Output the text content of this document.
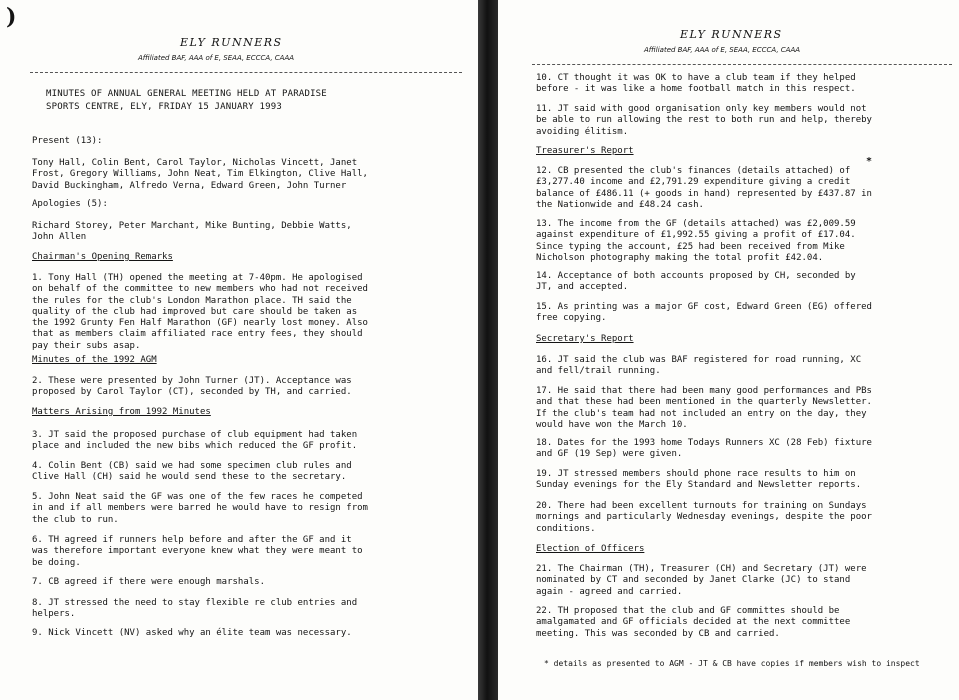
)
ELY RUNNERS
Affiliated BAF, AAA of E, SEAA, ECCCA, CAAA
MINUTES OF ANNUAL GENERAL MEETING HELD AT PARADISE
SPORTS CENTRE, ELY, FRIDAY 15 JANUARY 1993
Present (13):
Tony Hall, Colin Bent, Carol Taylor, Nicholas Vincett, Janet
Frost, Gregory Williams, John Neat, Tim Elkington, Clive Hall,
David Buckingham, Alfredo Verna, Edward Green, John Turner
Apologies (5):
Richard Storey, Peter Marchant, Mike Bunting, Debbie Watts,
John Allen
Chairman's Opening Remarks
1. Tony Hall (TH) opened the meeting at 7-40pm. He apologised
on behalf of the committee to new members who had not received
the rules for the club's London Marathon place. TH said the
quality of the club had improved but care should be taken as
the 1992 Grunty Fen Half Marathon (GF) nearly lost money. Also
that as members claim affiliated race entry fees, they should
pay their subs asap.
Minutes of the 1992 AGM
2. These were presented by John Turner (JT). Acceptance was
proposed by Carol Taylor (CT), seconded by TH, and carried.
Matters Arising from 1992 Minutes
3. JT said the proposed purchase of club equipment had taken
place and included the new bibs which reduced the GF profit.
4. Colin Bent (CB) said we had some specimen club rules and
Clive Hall (CH) said he would send these to the secretary.
5. John Neat said the GF was one of the few races he competed
in and if all members were barred he would have to resign from
the club to run.
6. TH agreed if runners help before and after the GF and it
was therefore important everyone knew what they were meant to
be doing.
7. CB agreed if there were enough marshals.
8. JT stressed the need to stay flexible re club entries and
helpers.
9. Nick Vincett (NV) asked why an élite team was necessary.
ELY RUNNERS
Affiliated BAF, AAA of E, SEAA, ECCCA, CAAA
10. CT thought it was OK to have a club team if they helped
before - it was like a home football match in this respect.
11. JT said with good organisation only key members would not
be able to run allowing the rest to both run and help, thereby
avoiding élitism.
Treasurer's Report
*
12. CB presented the club's finances (details attached) of
£3,277.40 income and £2,791.29 expenditure giving a credit
balance of £486.11 (+ goods in hand) represented by £437.87 in
the Nationwide and £48.24 cash.
13. The income from the GF (details attached) was £2,009.59
against expenditure of £1,992.55 giving a profit of £17.04.
Since typing the account, £25 had been received from Mike
Nicholson photography making the total profit £42.04.
14. Acceptance of both accounts proposed by CH, seconded by
JT, and accepted.
15. As printing was a major GF cost, Edward Green (EG) offered
free copying.
Secretary's Report
16. JT said the club was BAF registered for road running, XC
and fell/trail running.
17. He said that there had been many good performances and PBs
and that these had been mentioned in the quarterly Newsletter.
If the club's team had not included an entry on the day, they
would have won the March 10.
18. Dates for the 1993 home Todays Runners XC (28 Feb) fixture
and GF (19 Sep) were given.
19. JT stressed members should phone race results to him on
Sunday evenings for the Ely Standard and Newsletter reports.
20. There had been excellent turnouts for training on Sundays
mornings and particularly Wednesday evenings, despite the poor
conditions.
Election of Officers
21. The Chairman (TH), Treasurer (CH) and Secretary (JT) were
nominated by CT and seconded by Janet Clarke (JC) to stand
again - agreed and carried.
22. TH proposed that the club and GF committes should be
amalgamated and GF officials decided at the next committee
meeting. This was seconded by CB and carried.
* details as presented to AGM - JT & CB have copies if members wish to inspect
